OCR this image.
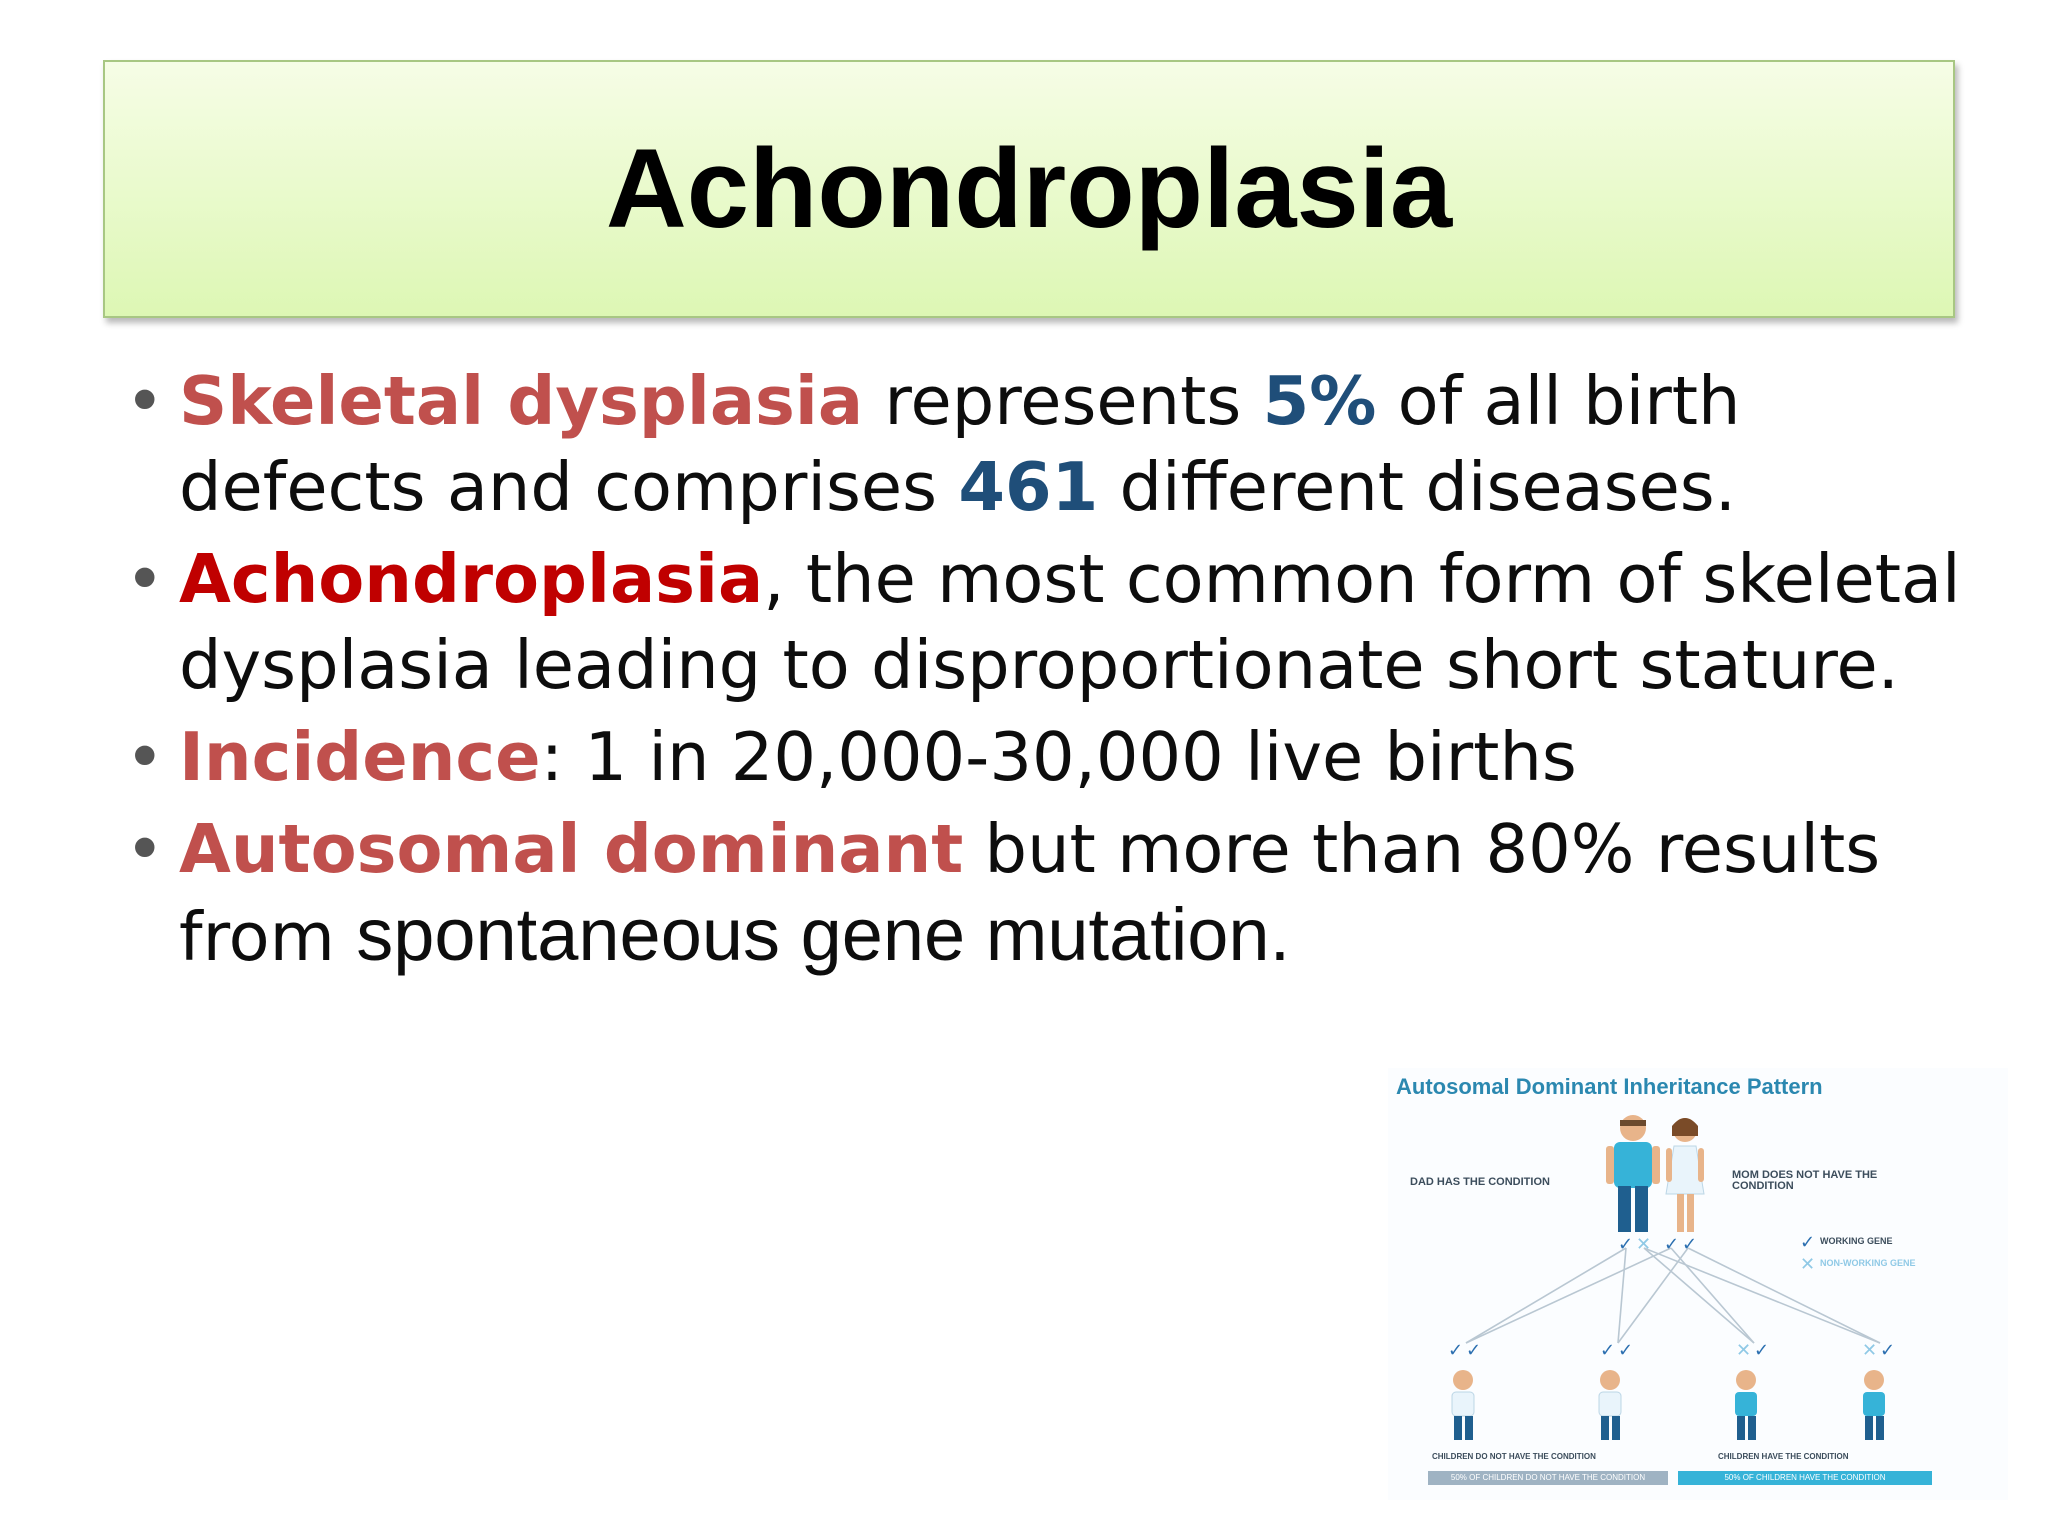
Achondroplasia
• Skeletal dysplasia represents 5% of all birth defects and comprises 461 different diseases.
• Achondroplasia, the most common form of skeletal dysplasia leading to disproportionate short stature.
• Incidence: 1 in 20,000-30,000 live births
• Autosomal dominant but more than 80% results from spontaneous gene mutation.
✓ ✕ ✓ ✓	✓
✕
✓ ✓	✓ ✓	✕ ✓	✕ ✓
Autosomal Dominant Inheritance Pattern
DAD HAS THE CONDITION
MOM DOES NOT HAVE THE CONDITION
WORKING GENE
NON-WORKING GENE
CHILDREN DO NOT HAVE THE CONDITION	CHILDREN HAVE THE CONDITION
50% OF CHILDREN DO NOT HAVE THE CONDITION	50% OF CHILDREN HAVE THE CONDITION
